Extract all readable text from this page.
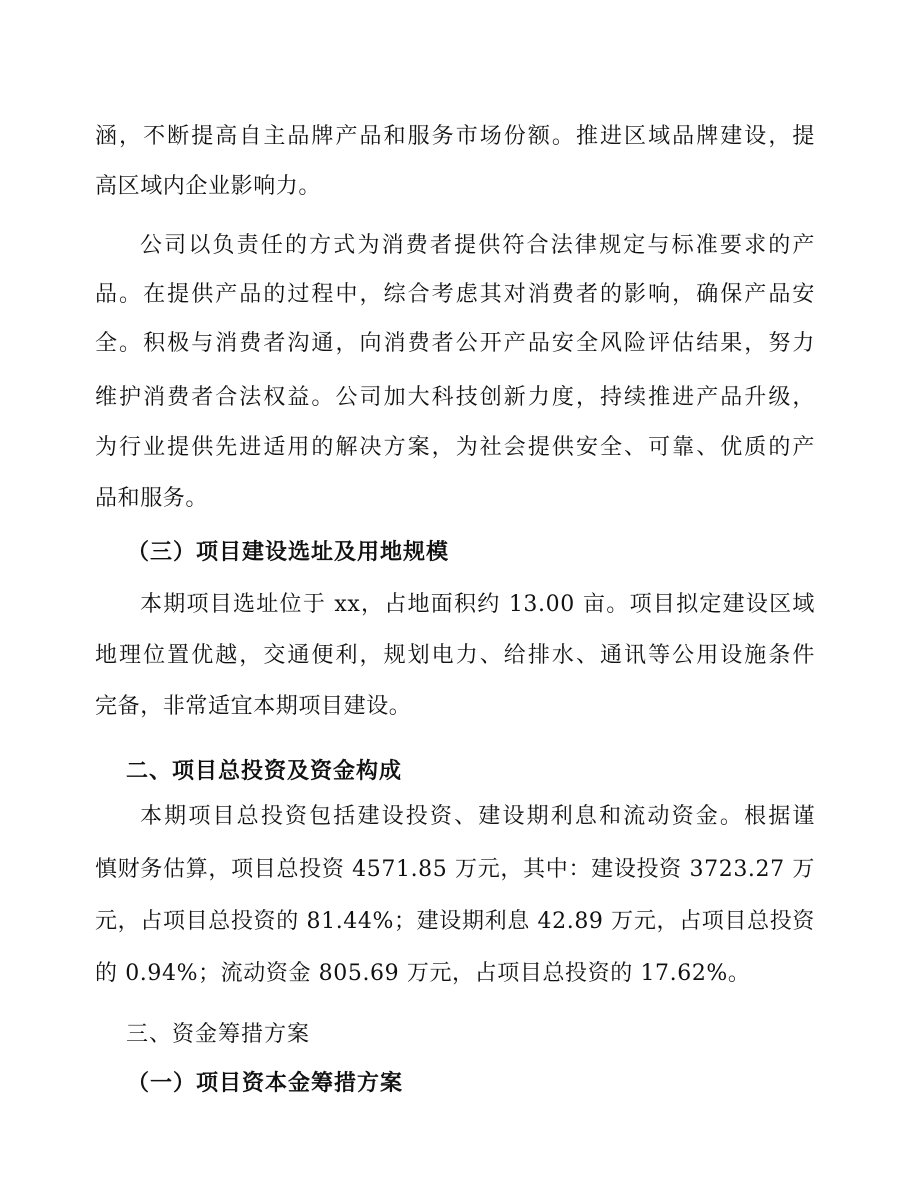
涵，不断提高自主品牌产品和服务市场份额。推进区域品牌建设，提
高区域内企业影响力。
公司以负责任的方式为消费者提供符合法律规定与标准要求的产
品。在提供产品的过程中，综合考虑其对消费者的影响，确保产品安
全。积极与消费者沟通，向消费者公开产品安全风险评估结果，努力
维护消费者合法权益。公司加大科技创新力度，持续推进产品升级，
为行业提供先进适用的解决方案，为社会提供安全、可靠、优质的产
品和服务。
（三）项目建设选址及用地规模
本期项目选址位于 xx，占地面积约 13.00 亩。项目拟定建设区域
地理位置优越，交通便利，规划电力、给排水、通讯等公用设施条件
完备，非常适宜本期项目建设。
二、项目总投资及资金构成
本期项目总投资包括建设投资、建设期利息和流动资金。根据谨
慎财务估算，项目总投资 4571.85 万元，其中：建设投资 3723.27 万
元，占项目总投资的 81.44%；建设期利息 42.89 万元，占项目总投资
的 0.94%；流动资金 805.69 万元，占项目总投资的 17.62%。
三、资金筹措方案
（一）项目资本金筹措方案
